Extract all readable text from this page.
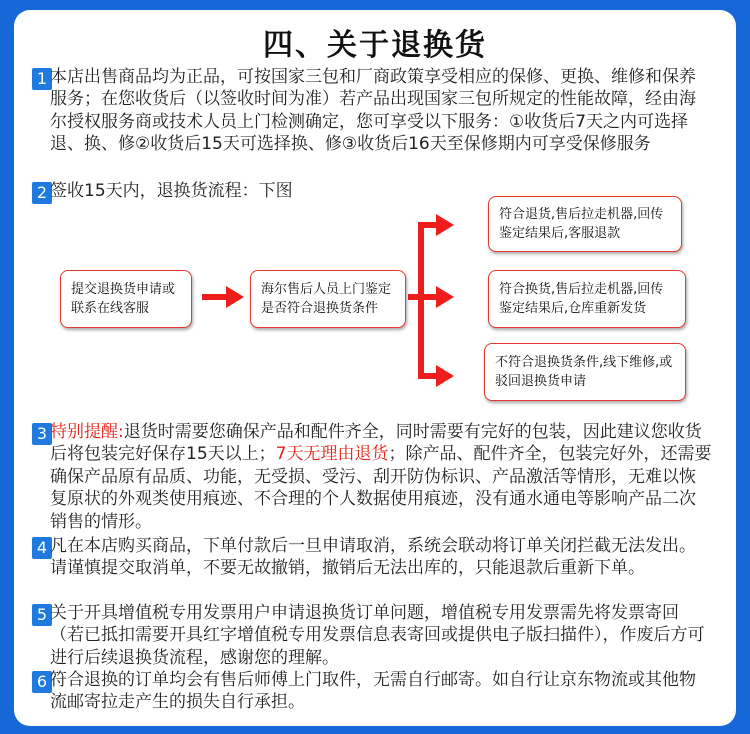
四、关于退换货
1 本店出售商品均为正品，可按国家三包和厂商政策享受相应的保修、更换、维修和保养服务；在您收货后（以签收时间为准）若产品出现国家三包所规定的性能故障，经由海尔授权服务商或技术人员上门检测确定，您可享受以下服务：①收货后7天之内可选择退、换、修②收货后15天可选择换、修③收货后16天至保修期内可享受保修服务
2 签收15天内，退换货流程：下图
提交退换货申请或联系在线客服
海尔售后人员上门鉴定是否符合退换货条件
符合退货,售后拉走机器,回传鉴定结果后,客服退款
符合换货,售后拉走机器,回传鉴定结果后,仓库重新发货
不符合退换货条件,线下维修,或驳回退换货申请
3 特别提醒:退货时需要您确保产品和配件齐全，同时需要有完好的包装，因此建议您收货后将包装完好保存15天以上；7天无理由退货；除产品、配件齐全，包装完好外，还需要确保产品原有品质、功能，无受损、受污、刮开防伪标识、产品激活等情形，无难以恢复原状的外观类使用痕迹、不合理的个人数据使用痕迹，没有通水通电等影响产品二次销售的情形。
4 凡在本店购买商品，下单付款后一旦申请取消，系统会联动将订单关闭拦截无法发出。请谨慎提交取消单，不要无故撤销，撤销后无法出库的，只能退款后重新下单。
5 关于开具增值税专用发票用户申请退换货订单问题，增值税专用发票需先将发票寄回（若已抵扣需要开具红字增值税专用发票信息表寄回或提供电子版扫描件），作废后方可进行后续退换货流程，感谢您的理解。
6 符合退换的订单均会有售后师傅上门取件，无需自行邮寄。如自行让京东物流或其他物流邮寄拉走产生的损失自行承担。
